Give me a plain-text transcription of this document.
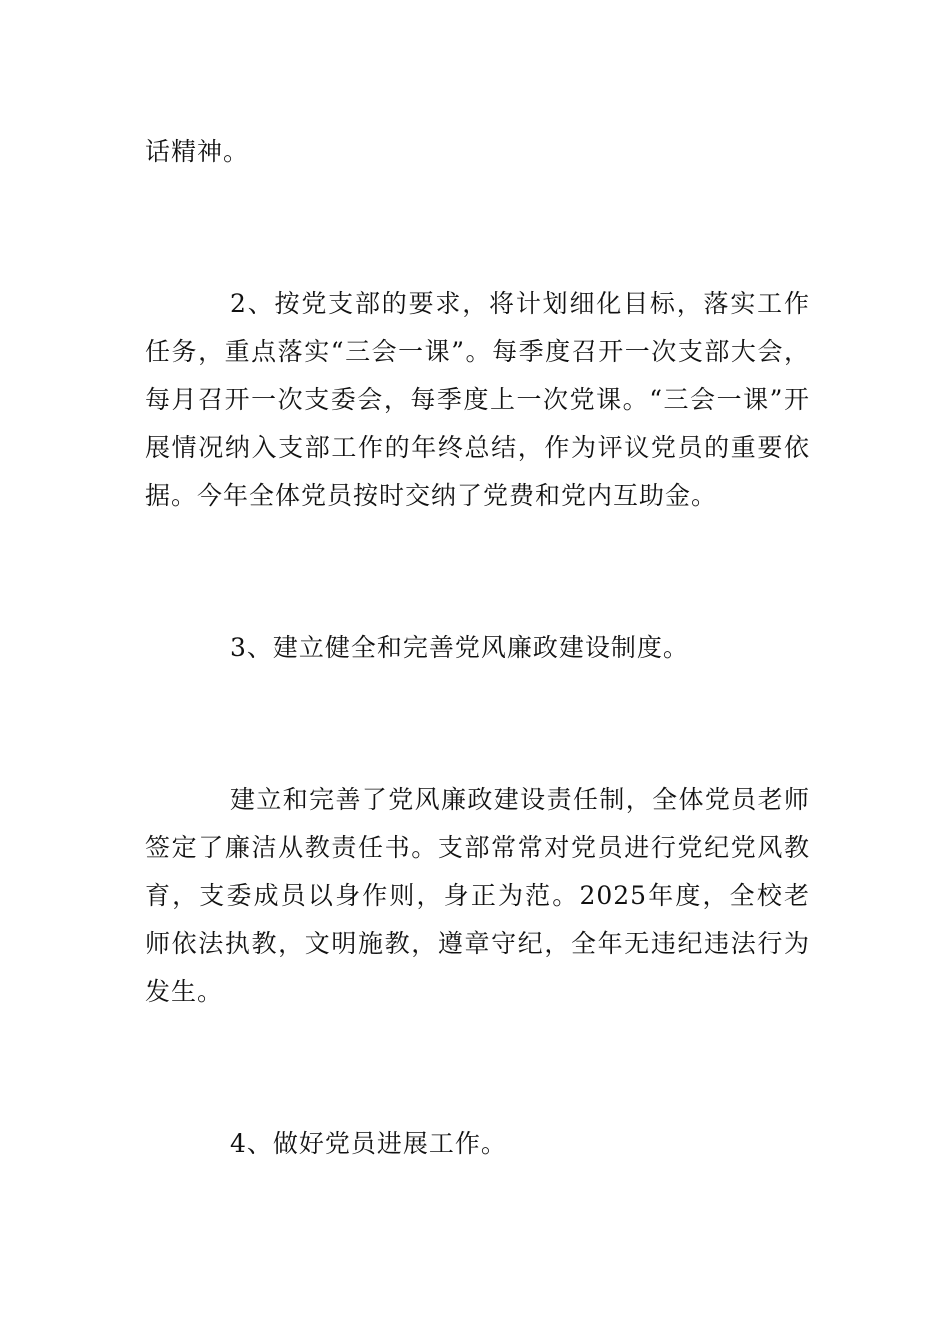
话精神。

2、按党支部的要求，将计划细化目标，落实工作任务，重点落实“三会一课”。每季度召开一次支部大会，每月召开一次支委会，每季度上一次党课。“三会一课”开展情况纳入支部工作的年终总结，作为评议党员的重要依据。今年全体党员按时交纳了党费和党内互助金。

3、建立健全和完善党风廉政建设制度。

建立和完善了党风廉政建设责任制，全体党员老师签定了廉洁从教责任书。支部常常对党员进行党纪党风教育，支委成员以身作则，身正为范。2025年度，全校老师依法执教，文明施教，遵章守纪，全年无违纪违法行为发生。

4、做好党员进展工作。
